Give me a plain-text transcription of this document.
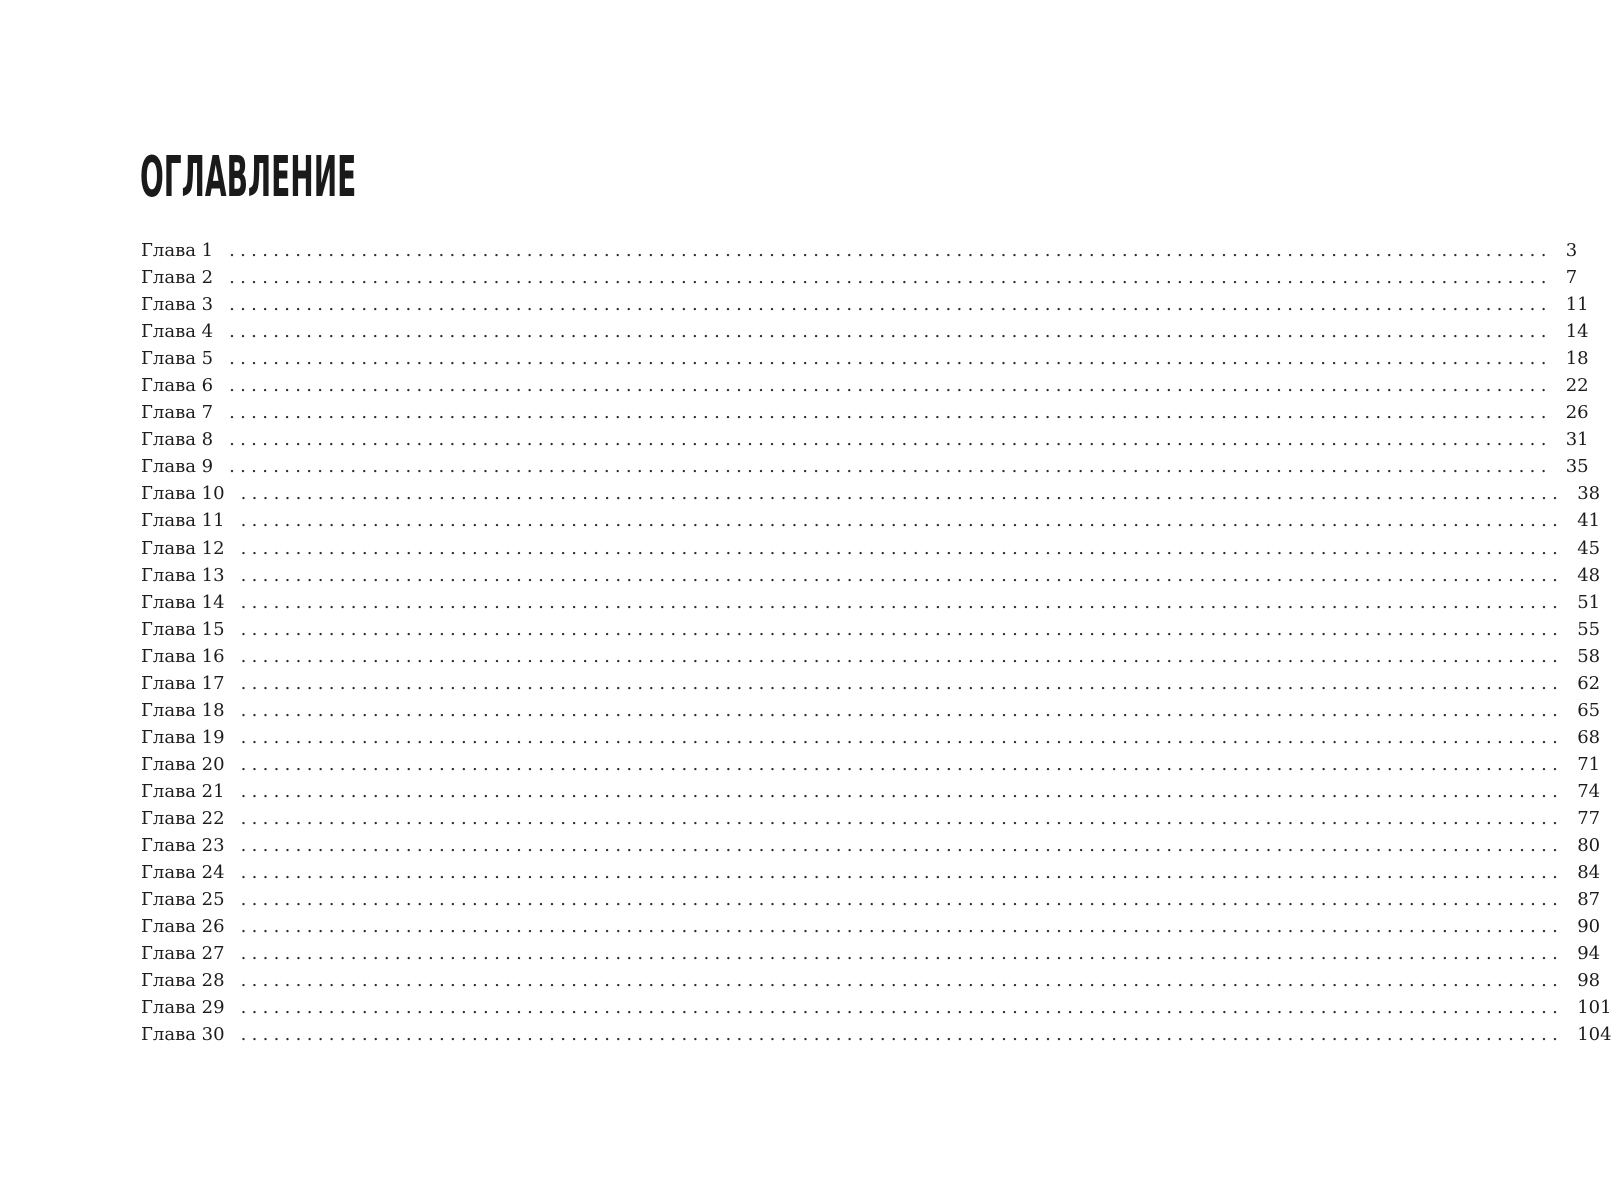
ОГЛАВЛЕНИЕ
Глава 1 ........................................................................................................................ 3
Глава 2 ........................................................................................................................ 7
Глава 3 ........................................................................................................................ 11
Глава 4 ........................................................................................................................ 14
Глава 5 ........................................................................................................................ 18
Глава 6 ........................................................................................................................ 22
Глава 7 ........................................................................................................................ 26
Глава 8 ........................................................................................................................ 31
Глава 9 ........................................................................................................................ 35
Глава 10 ........................................................................................................................ 38
Глава 11 ........................................................................................................................ 41
Глава 12 ........................................................................................................................ 45
Глава 13 ........................................................................................................................ 48
Глава 14 ........................................................................................................................ 51
Глава 15 ........................................................................................................................ 55
Глава 16 ........................................................................................................................ 58
Глава 17 ........................................................................................................................ 62
Глава 18 ........................................................................................................................ 65
Глава 19 ........................................................................................................................ 68
Глава 20 ........................................................................................................................ 71
Глава 21 ........................................................................................................................ 74
Глава 22 ........................................................................................................................ 77
Глава 23 ........................................................................................................................ 80
Глава 24 ........................................................................................................................ 84
Глава 25 ........................................................................................................................ 87
Глава 26 ........................................................................................................................ 90
Глава 27 ........................................................................................................................ 94
Глава 28 ........................................................................................................................ 98
Глава 29 ........................................................................................................................ 101
Глава 30 ........................................................................................................................ 104
